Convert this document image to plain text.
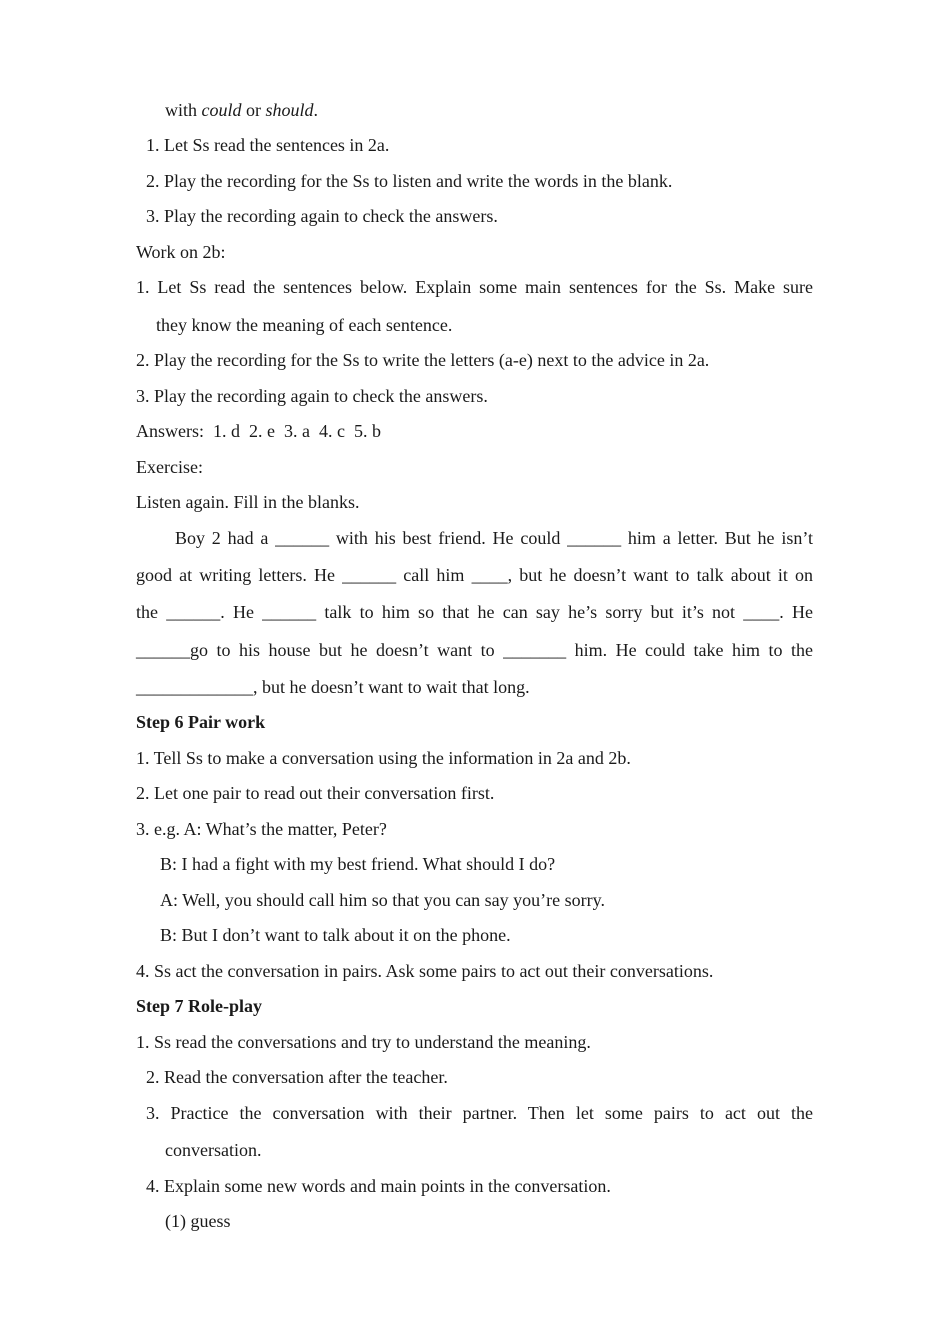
with could or should.
1. Let Ss read the sentences in 2a.
2. Play the recording for the Ss to listen and write the words in the blank.
3. Play the recording again to check the answers.
Work on 2b:
1. Let Ss read the sentences below. Explain some main sentences for the Ss. Make sure
they know the meaning of each sentence.
2. Play the recording for the Ss to write the letters (a-e) next to the advice in 2a.
3. Play the recording again to check the answers.
Answers:  1. d  2. e  3. a  4. c  5. b
Exercise:
Listen again. Fill in the blanks.
Boy 2 had a ______ with his best friend. He could ______ him a letter. But he isn’t
good at writing letters. He ______ call him ____, but he doesn’t want to talk about it on
the ______. He ______ talk to him so that he can say he’s sorry but it’s not ____. He
______go to his house but he doesn’t want to _______ him. He could take him to the
_____________, but he doesn’t want to wait that long.
Step 6 Pair work
1. Tell Ss to make a conversation using the information in 2a and 2b.
2. Let one pair to read out their conversation first.
3. e.g. A: What’s the matter, Peter?
B: I had a fight with my best friend. What should I do?
A: Well, you should call him so that you can say you’re sorry.
B: But I don’t want to talk about it on the phone.
4. Ss act the conversation in pairs. Ask some pairs to act out their conversations.
Step 7 Role-play
1. Ss read the conversations and try to understand the meaning.
2. Read the conversation after the teacher.
3. Practice the conversation with their partner. Then let some pairs to act out the
conversation.
4. Explain some new words and main points in the conversation.
(1) guess
